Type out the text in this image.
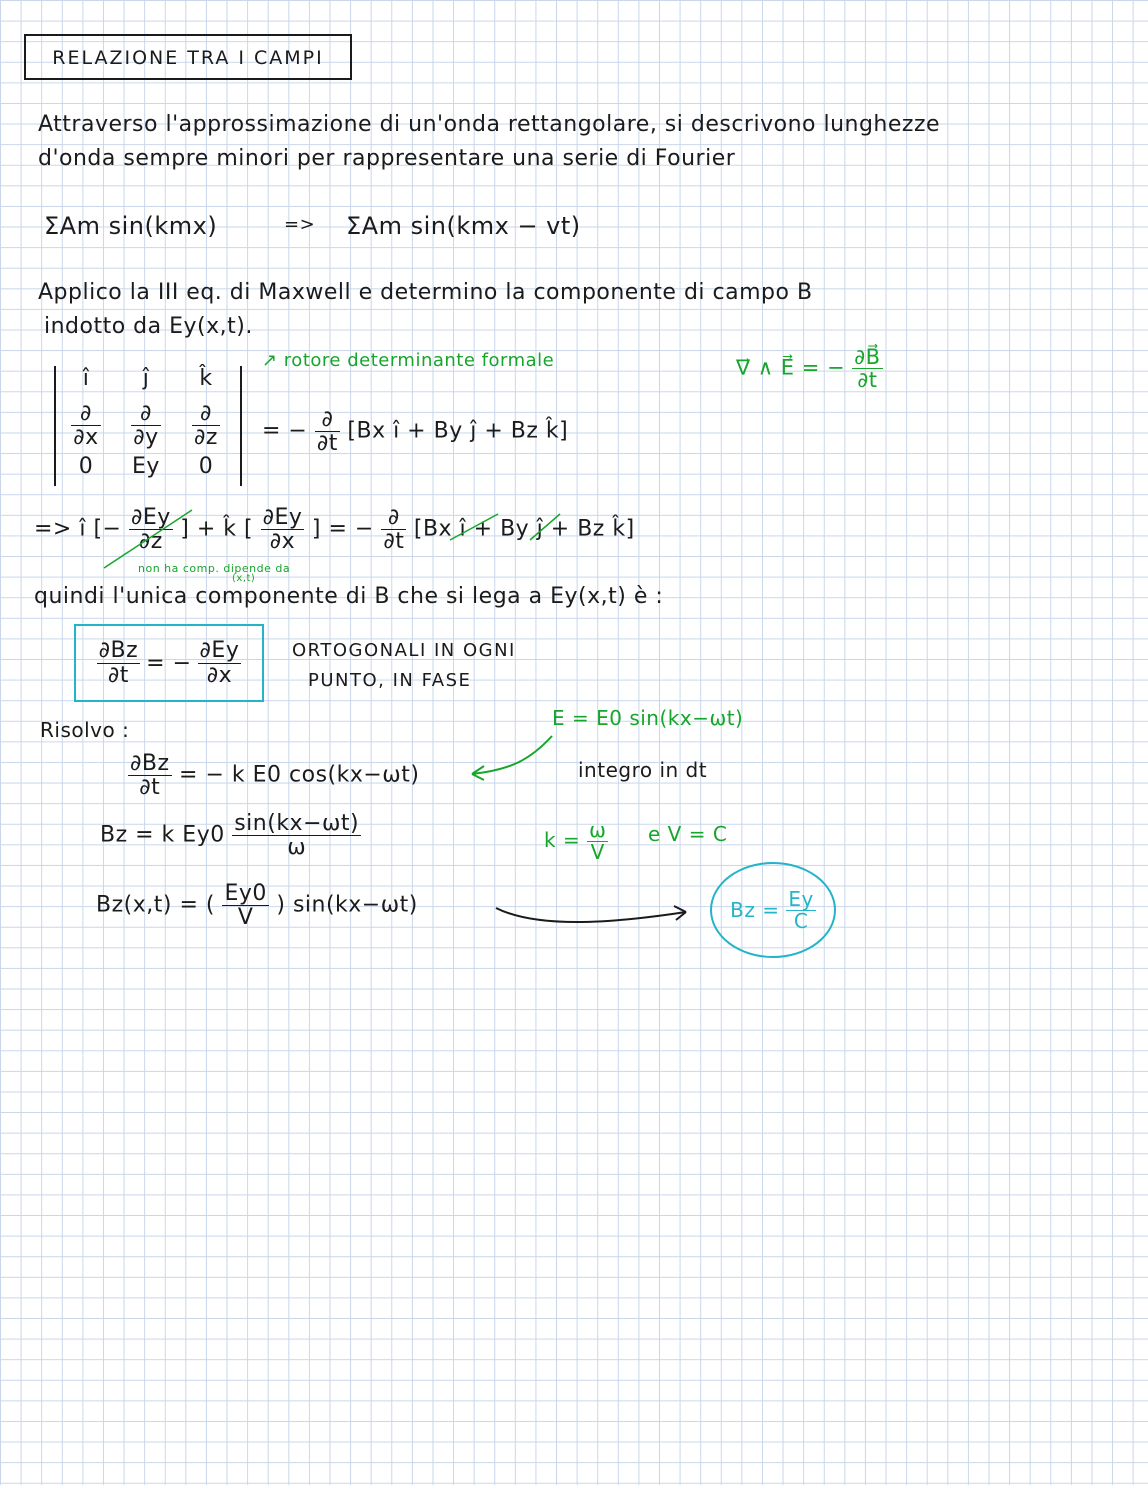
RELAZIONE TRA I CAMPI
Attraverso l'approssimazione di un'onda rettangolare, si descrivono lunghezze
d'onda sempre minori per rappresentare una serie di Fourier
ΣAm sin(kmx)	=> ΣAm sin(kmx − vt)
Applico la III eq. di Maxwell e determino la componente di campo B
indotto da Ey(x,t).
î	ĵ	k̂
$\frac{\partial}{\partial x} \frac{\partial}{\partial y} \frac{\partial}{\partial z}$
0	Ey	0
= − $\frac{\partial}{\partial t} [Bx$ î + By ĵ + Bz k̂]
↗ rotore determinante formale	∇⃗ ∧ E⃗ = − $\frac{\partial B⃗}{\partial t}$
=> î [− $\frac{\partial Ey}{\partial z}$ ] + k̂ [ $\frac{\partial Ey}{\partial x}$ ] = − $\frac{\partial}{\partial t} [Bx$ î + By ĵ + Bz k̂]
non ha comp. dipende da
(x,t)
quindi l'unica componente di B che si lega a Ey(x,t) è :
$\frac{\partial Bz}{\partial t}$ = − $\frac{\partial Ey}{\partial x}$	ORTOGONALI IN OGNI
PUNTO, IN FASE
Risolvo :	E = E0 sin(kx−ωt)
$\frac{\partial Bz}{\partial t}$ = − k E0 cos(kx−ωt)	integro in dt
Bz = k $Ey0 \frac{\sin(kx-\omega t)}{\omega}$	$k = \frac{\omega}{V}$ e V = C
Bz(x,t) = ( $\frac{Ey0}{V}$ ) sin(kx−ωt)	Bz =
$\frac{Ey}{C}$
